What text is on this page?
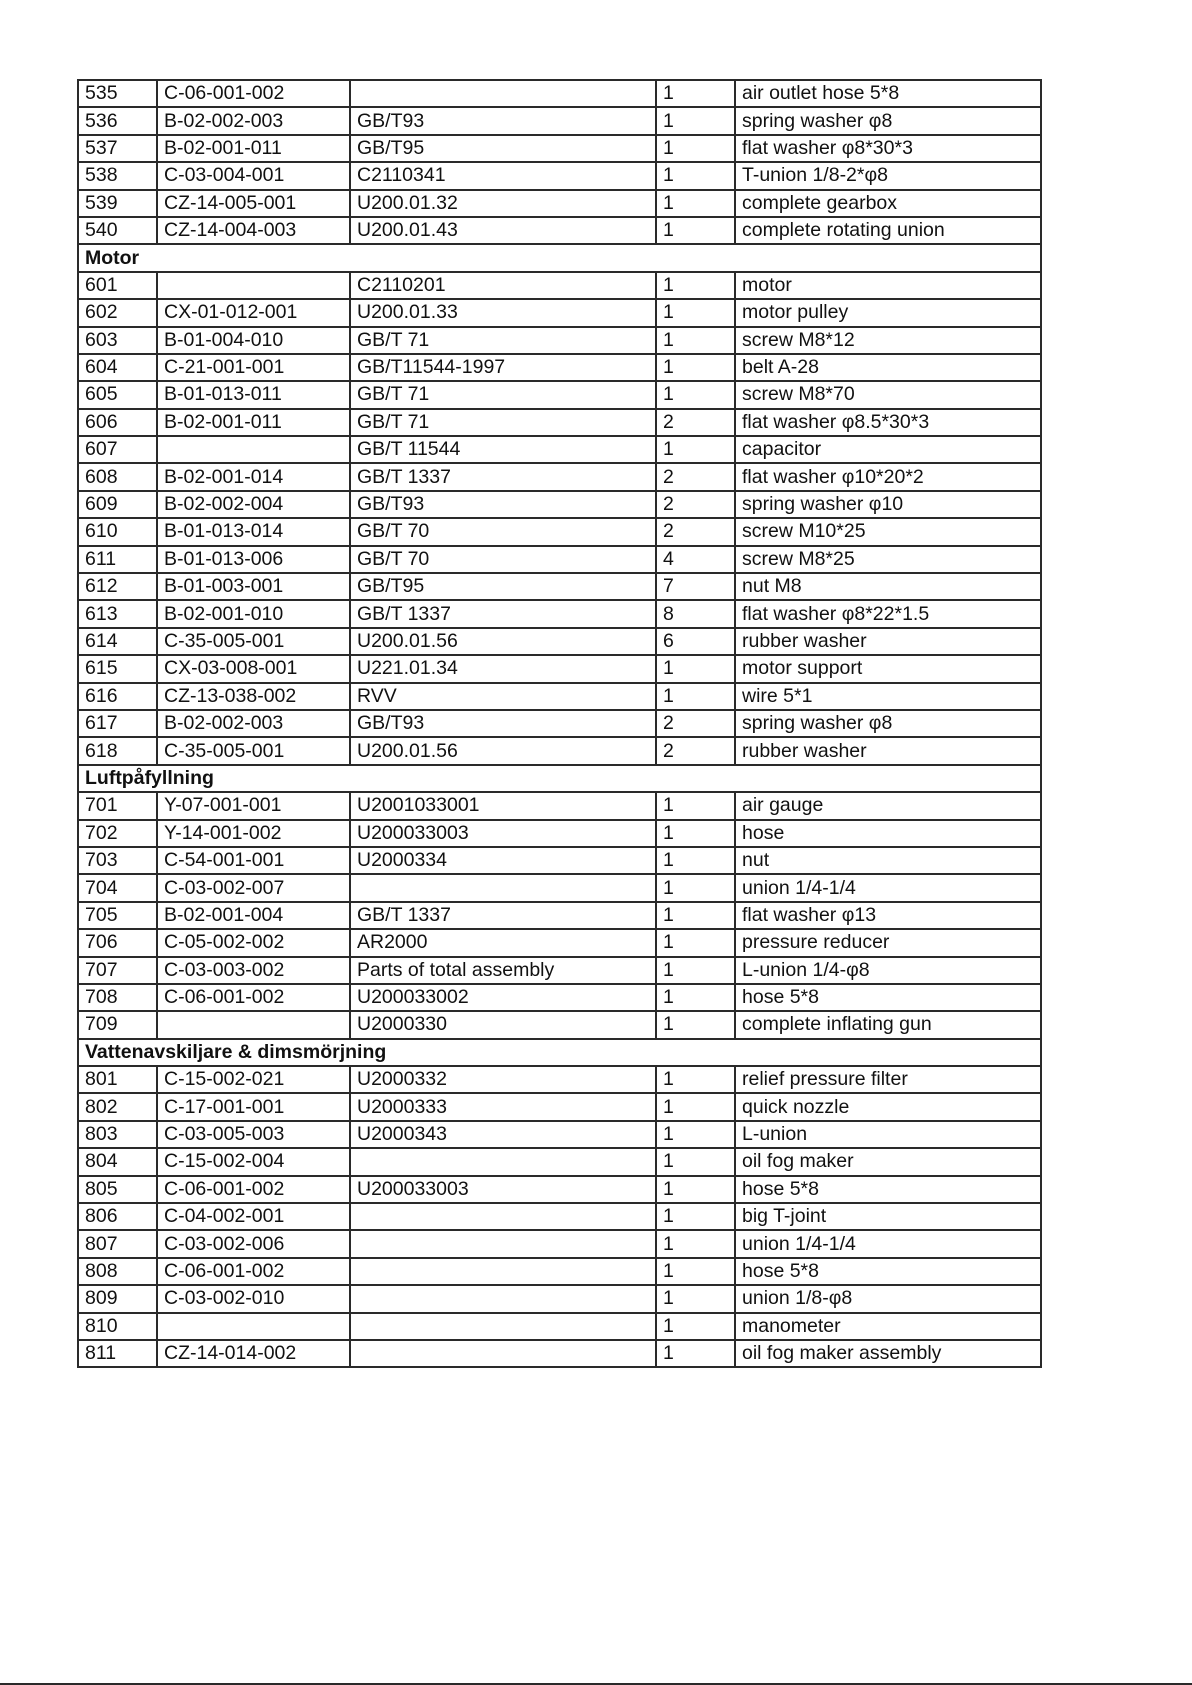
535	C-06-001-002		1	air outlet hose 5*8
536	B-02-002-003	GB/T93	1	spring washer φ8
537	B-02-001-011	GB/T95	1	flat washer φ8*30*3
538	C-03-004-001	C2110341	1	T-union 1/8-2*φ8
539	CZ-14-005-001	U200.01.32	1	complete gearbox
540	CZ-14-004-003	U200.01.43	1	complete rotating union
Motor				
601		C2110201	1	motor
602	CX-01-012-001	U200.01.33	1	motor pulley
603	B-01-004-010	GB/T 71	1	screw M8*12
604	C-21-001-001	GB/T11544-1997	1	belt A-28
605	B-01-013-011	GB/T 71	1	screw M8*70
606	B-02-001-011	GB/T 71	2	flat washer φ8.5*30*3
607		GB/T 11544	1	capacitor
608	B-02-001-014	GB/T 1337	2	flat washer φ10*20*2
609	B-02-002-004	GB/T93	2	spring washer φ10
610	B-01-013-014	GB/T 70	2	screw M10*25
611	B-01-013-006	GB/T 70	4	screw M8*25
612	B-01-003-001	GB/T95	7	nut M8
613	B-02-001-010	GB/T 1337	8	flat washer φ8*22*1.5
614	C-35-005-001	U200.01.56	6	rubber washer
615	CX-03-008-001	U221.01.34	1	motor support
616	CZ-13-038-002	RVV	1	wire 5*1
617	B-02-002-003	GB/T93	2	spring washer φ8
618	C-35-005-001	U200.01.56	2	rubber washer
Luftpåfyllning				
701	Y-07-001-001	U2001033001	1	air gauge
702	Y-14-001-002	U200033003	1	hose
703	C-54-001-001	U2000334	1	nut
704	C-03-002-007		1	union 1/4-1/4
705	B-02-001-004	GB/T 1337	1	flat washer φ13
706	C-05-002-002	AR2000	1	pressure reducer
707	C-03-003-002	Parts of total assembly	1	L-union 1/4-φ8
708	C-06-001-002	U200033002	1	hose 5*8
709		U2000330	1	complete inflating gun
Vattenavskiljare & dimsmörjning				
801	C-15-002-021	U2000332	1	relief pressure filter
802	C-17-001-001	U2000333	1	quick nozzle
803	C-03-005-003	U2000343	1	L-union
804	C-15-002-004		1	oil fog maker
805	C-06-001-002	U200033003	1	hose 5*8
806	C-04-002-001		1	big T-joint
807	C-03-002-006		1	union 1/4-1/4
808	C-06-001-002		1	hose 5*8
809	C-03-002-010		1	union 1/8-φ8
810			1	manometer
811	CZ-14-014-002		1	oil fog maker assembly
